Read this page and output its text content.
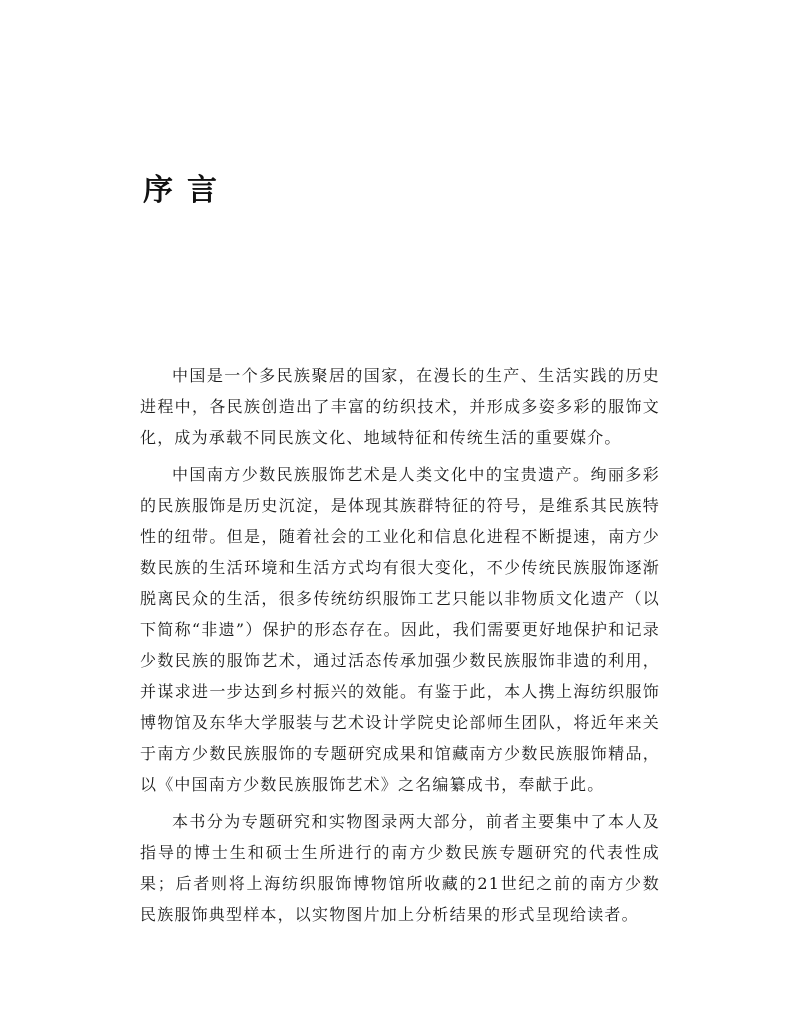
序言

中国是一个多民族聚居的国家，在漫长的生产、生活实践的历史进程中，各民族创造出了丰富的纺织技术，并形成多姿多彩的服饰文化，成为承载不同民族文化、地域特征和传统生活的重要媒介。

中国南方少数民族服饰艺术是人类文化中的宝贵遗产。绚丽多彩的民族服饰是历史沉淀，是体现其族群特征的符号，是维系其民族特性的纽带。但是，随着社会的工业化和信息化进程不断提速，南方少数民族的生活环境和生活方式均有很大变化，不少传统民族服饰逐渐脱离民众的生活，很多传统纺织服饰工艺只能以非物质文化遗产（以下简称“非遗”）保护的形态存在。因此，我们需要更好地保护和记录少数民族的服饰艺术，通过活态传承加强少数民族服饰非遗的利用，并谋求进一步达到乡村振兴的效能。有鉴于此，本人携上海纺织服饰博物馆及东华大学服装与艺术设计学院史论部师生团队，将近年来关于南方少数民族服饰的专题研究成果和馆藏南方少数民族服饰精品，以《中国南方少数民族服饰艺术》之名编纂成书，奉献于此。

本书分为专题研究和实物图录两大部分，前者主要集中了本人及指导的博士生和硕士生所进行的南方少数民族专题研究的代表性成果；后者则将上海纺织服饰博物馆所收藏的21世纪之前的南方少数民族服饰典型样本，以实物图片加上分析结果的形式呈现给读者。
